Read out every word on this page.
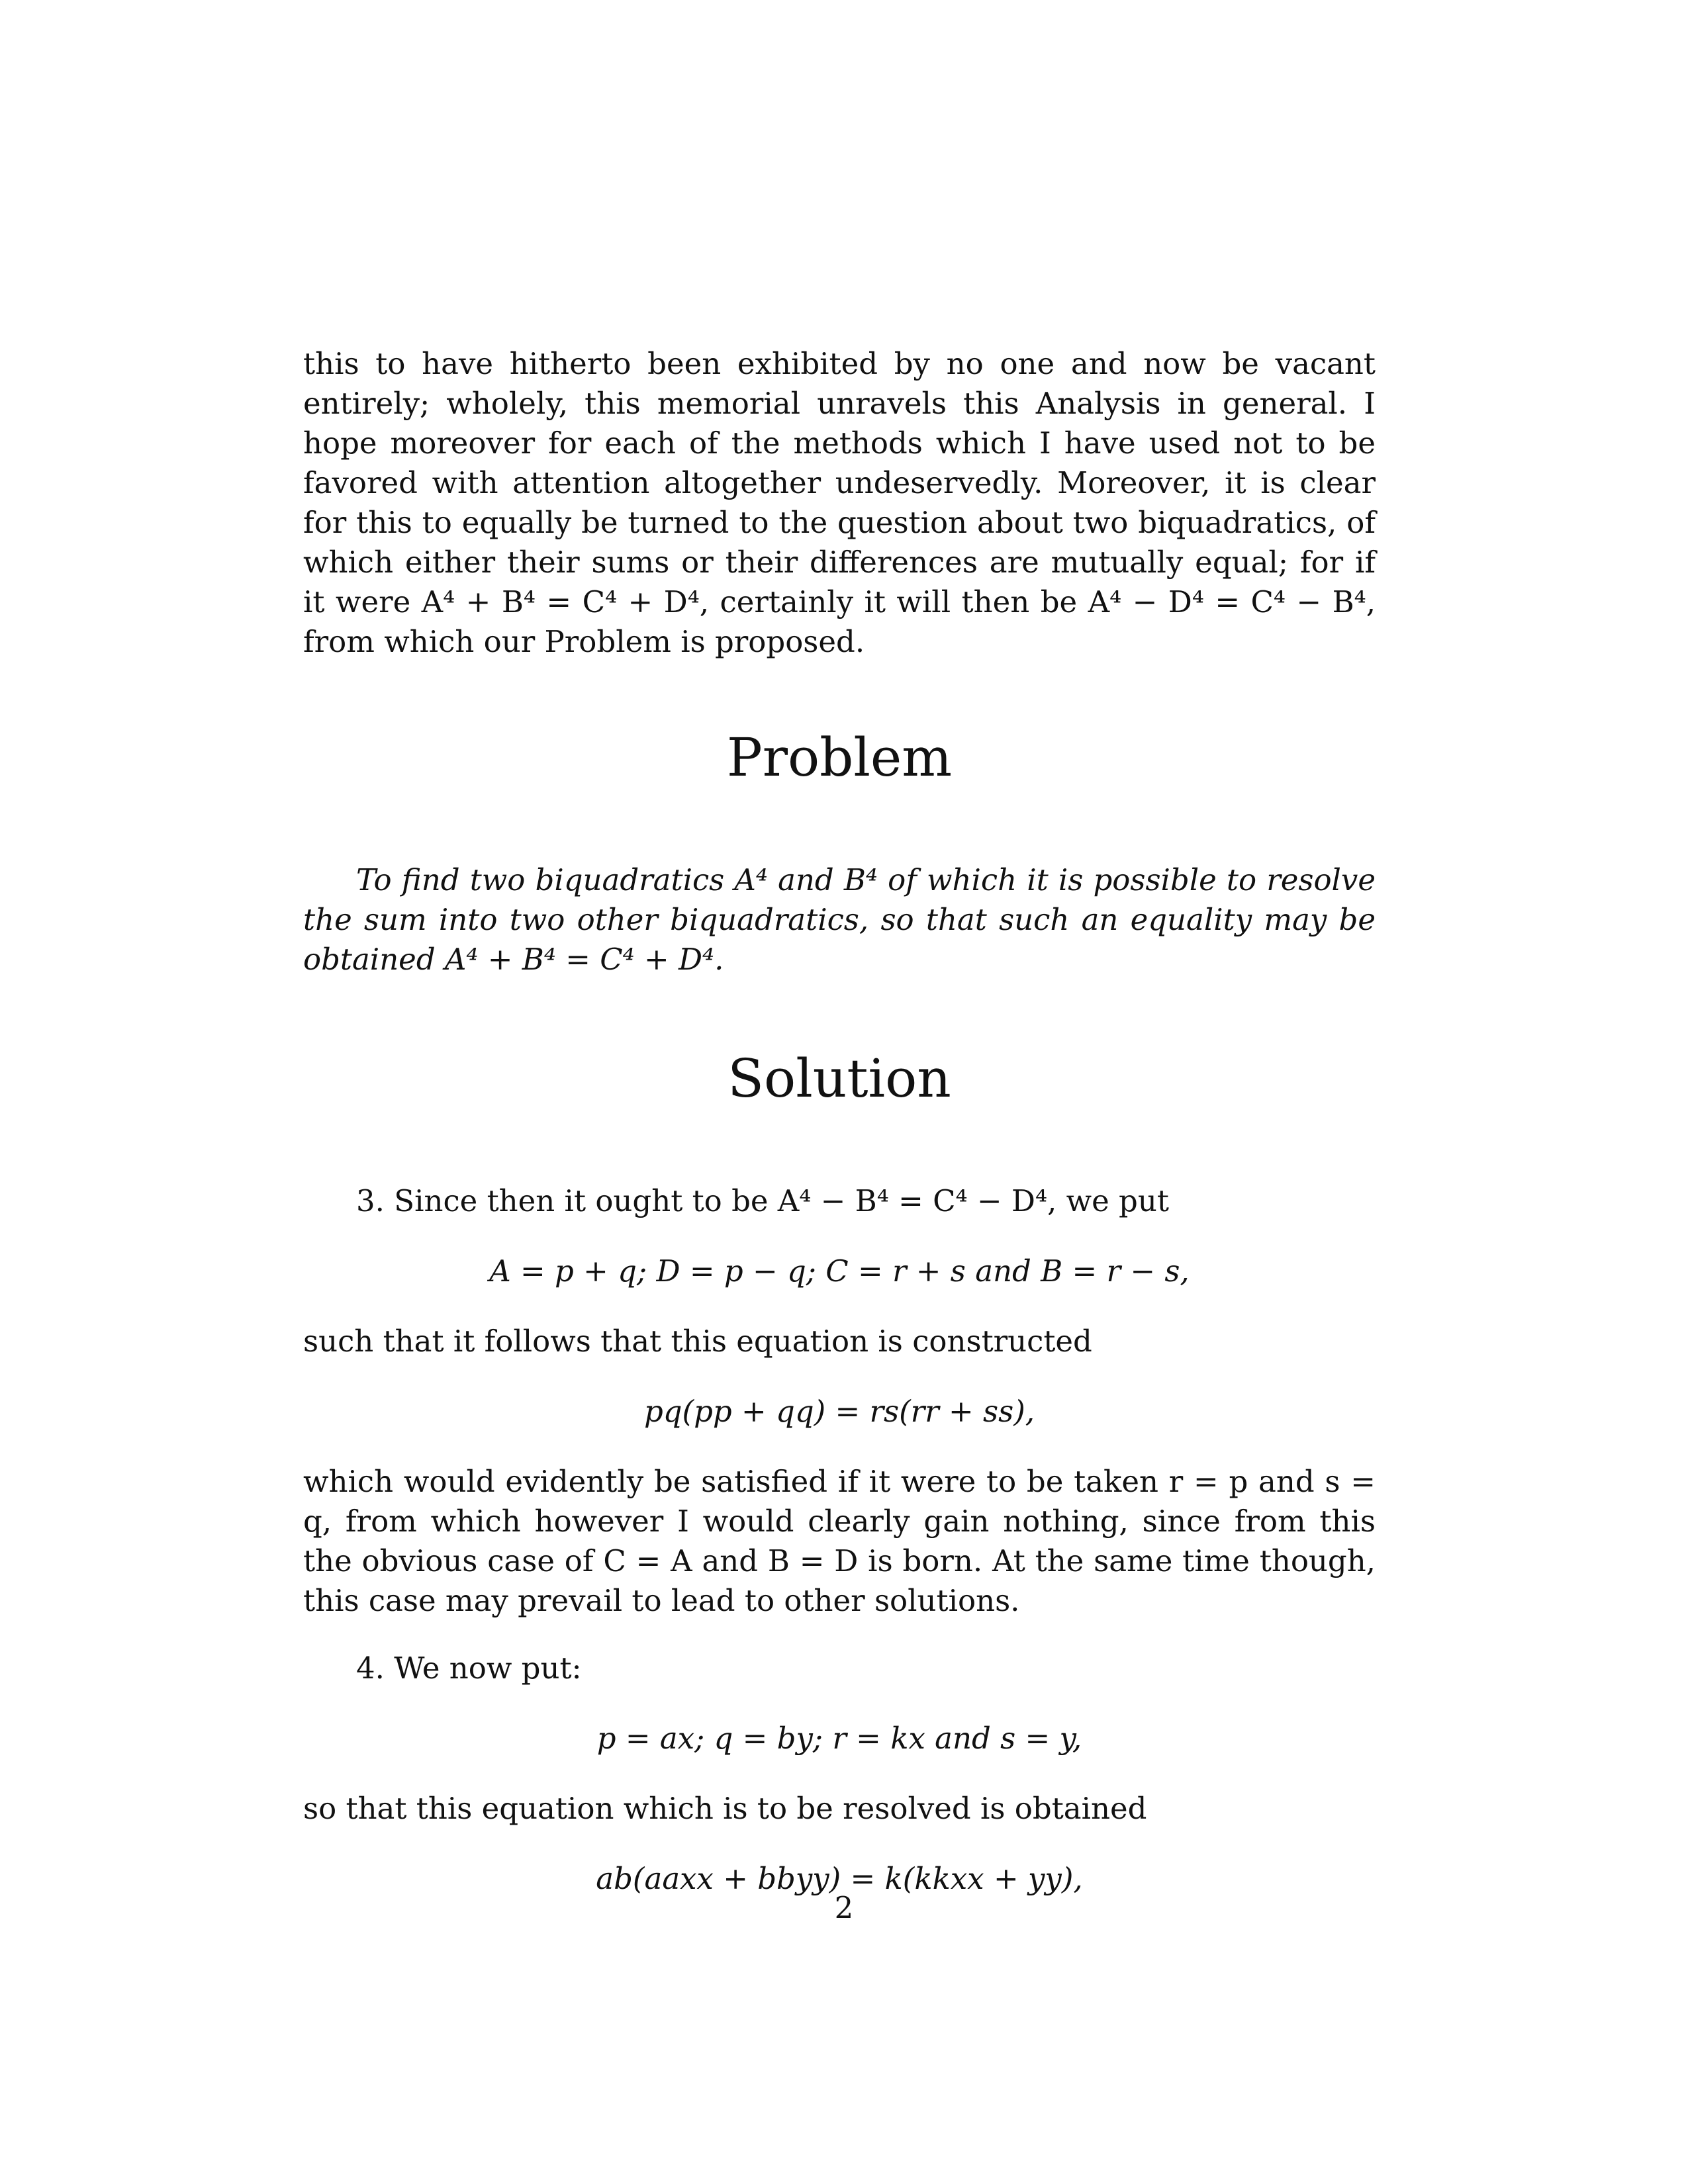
this to have hitherto been exhibited by no one and now be vacant entirely; wholely, this memorial unravels this Analysis in general. I hope moreover for each of the methods which I have used not to be favored with attention altogether undeservedly. Moreover, it is clear for this to equally be turned to the question about two biquadratics, of which either their sums or their differences are mutually equal; for if it were A⁴ + B⁴ = C⁴ + D⁴, certainly it will then be A⁴ − D⁴ = C⁴ − B⁴, from which our Problem is proposed.

Problem

To find two biquadratics A⁴ and B⁴ of which it is possible to resolve the sum into two other biquadratics, so that such an equality may be obtained A⁴ + B⁴ = C⁴ + D⁴.

Solution

3. Since then it ought to be A⁴ − B⁴ = C⁴ − D⁴, we put

A = p + q; D = p − q; C = r + s and B = r − s,

such that it follows that this equation is constructed

pq(pp + qq) = rs(rr + ss),

which would evidently be satisfied if it were to be taken r = p and s = q, from which however I would clearly gain nothing, since from this the obvious case of C = A and B = D is born. At the same time though, this case may prevail to lead to other solutions.

4. We now put:

p = ax; q = by; r = kx and s = y,

so that this equation which is to be resolved is obtained

ab(aaxx + bbyy) = k(kkxx + yy),

2
